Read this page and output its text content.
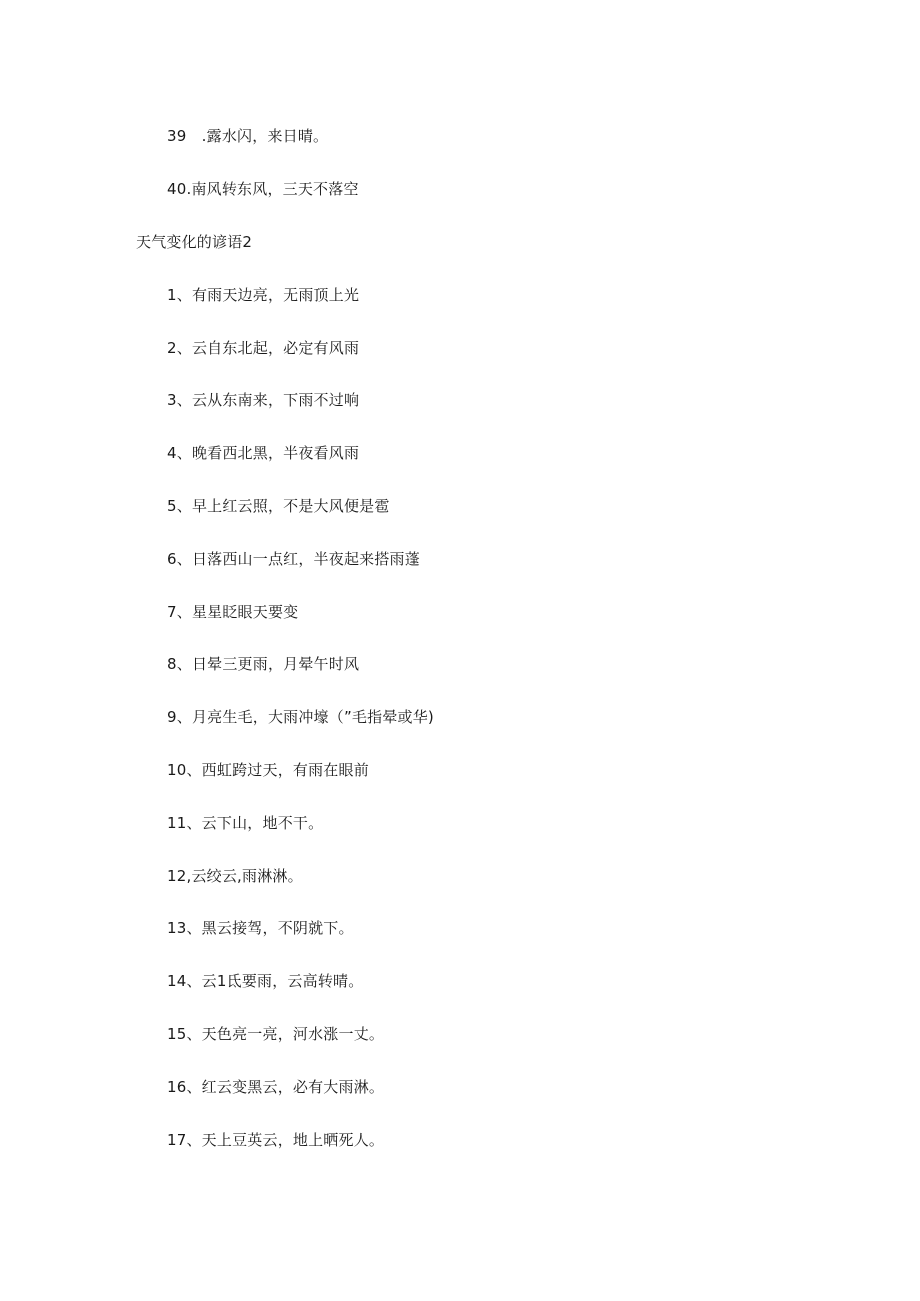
39　.露水闪，来日晴。
40.南风转东风，三天不落空
天气变化的谚语2
1、有雨天边亮，无雨顶上光
2、云自东北起，必定有风雨
3、云从东南来，下雨不过响
4、晚看西北黑，半夜看风雨
5、早上红云照，不是大风便是雹
6、日落西山一点红，半夜起来搭雨蓬
7、星星眨眼天要变
8、日晕三更雨，月晕午时风
9、月亮生毛，大雨冲壕（”毛指晕或华)
10、西虹跨过天，有雨在眼前
11、云下山，地不干。
12,云绞云,雨淋淋。
13、黑云接驾，不阴就下。
14、云1氐要雨，云高转晴。
15、天色亮一亮，河水涨一丈。
16、红云变黑云，必有大雨淋。
17、天上豆英云，地上晒死人。
